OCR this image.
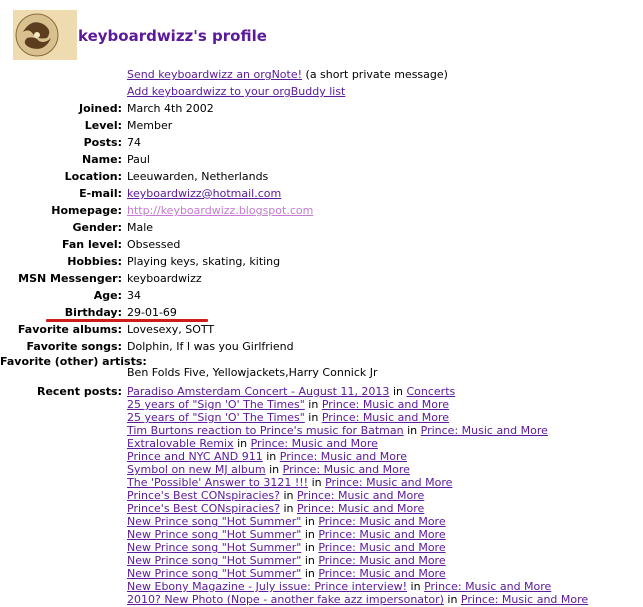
keyboardwizz's profile
Send keyboardwizz an orgNote! (a short private message)
Add keyboardwizz to your orgBuddy list
Joined: March 4th 2002
Level: Member
Posts: 74
Name: Paul
Location: Leeuwarden, Netherlands
E-mail: keyboardwizz@hotmail.com
Homepage: http://keyboardwizz.blogspot.com
Gender: Male
Fan level: Obsessed
Hobbies: Playing keys, skating, kiting
MSN Messenger: keyboardwizz
Age: 34
Birthday: 29-01-69
Favorite albums: Lovesexy, SOTT
Favorite songs: Dolphin, If I was you Girlfriend
Favorite (other) artists:
Ben Folds Five, Yellowjackets,Harry Connick Jr
Recent posts: Paradiso Amsterdam Concert - August 11, 2013 in Concerts
25 years of "Sign 'O' The Times" in Prince: Music and More
25 years of "Sign 'O' The Times" in Prince: Music and More
Tim Burtons reaction to Prince's music for Batman in Prince: Music and More
Extralovable Remix in Prince: Music and More
Prince and NYC AND 911 in Prince: Music and More
Symbol on new MJ album in Prince: Music and More
The 'Possible' Answer to 3121 !!! in Prince: Music and More
Prince's Best CONspiracies? in Prince: Music and More
Prince's Best CONspiracies? in Prince: Music and More
New Prince song "Hot Summer" in Prince: Music and More
New Prince song "Hot Summer" in Prince: Music and More
New Prince song "Hot Summer" in Prince: Music and More
New Prince song "Hot Summer" in Prince: Music and More
New Prince song "Hot Summer" in Prince: Music and More
New Ebony Magazine - July issue: Prince interview! in Prince: Music and More
2010? New Photo (Nope - another fake azz impersonator) in Prince: Music and More
